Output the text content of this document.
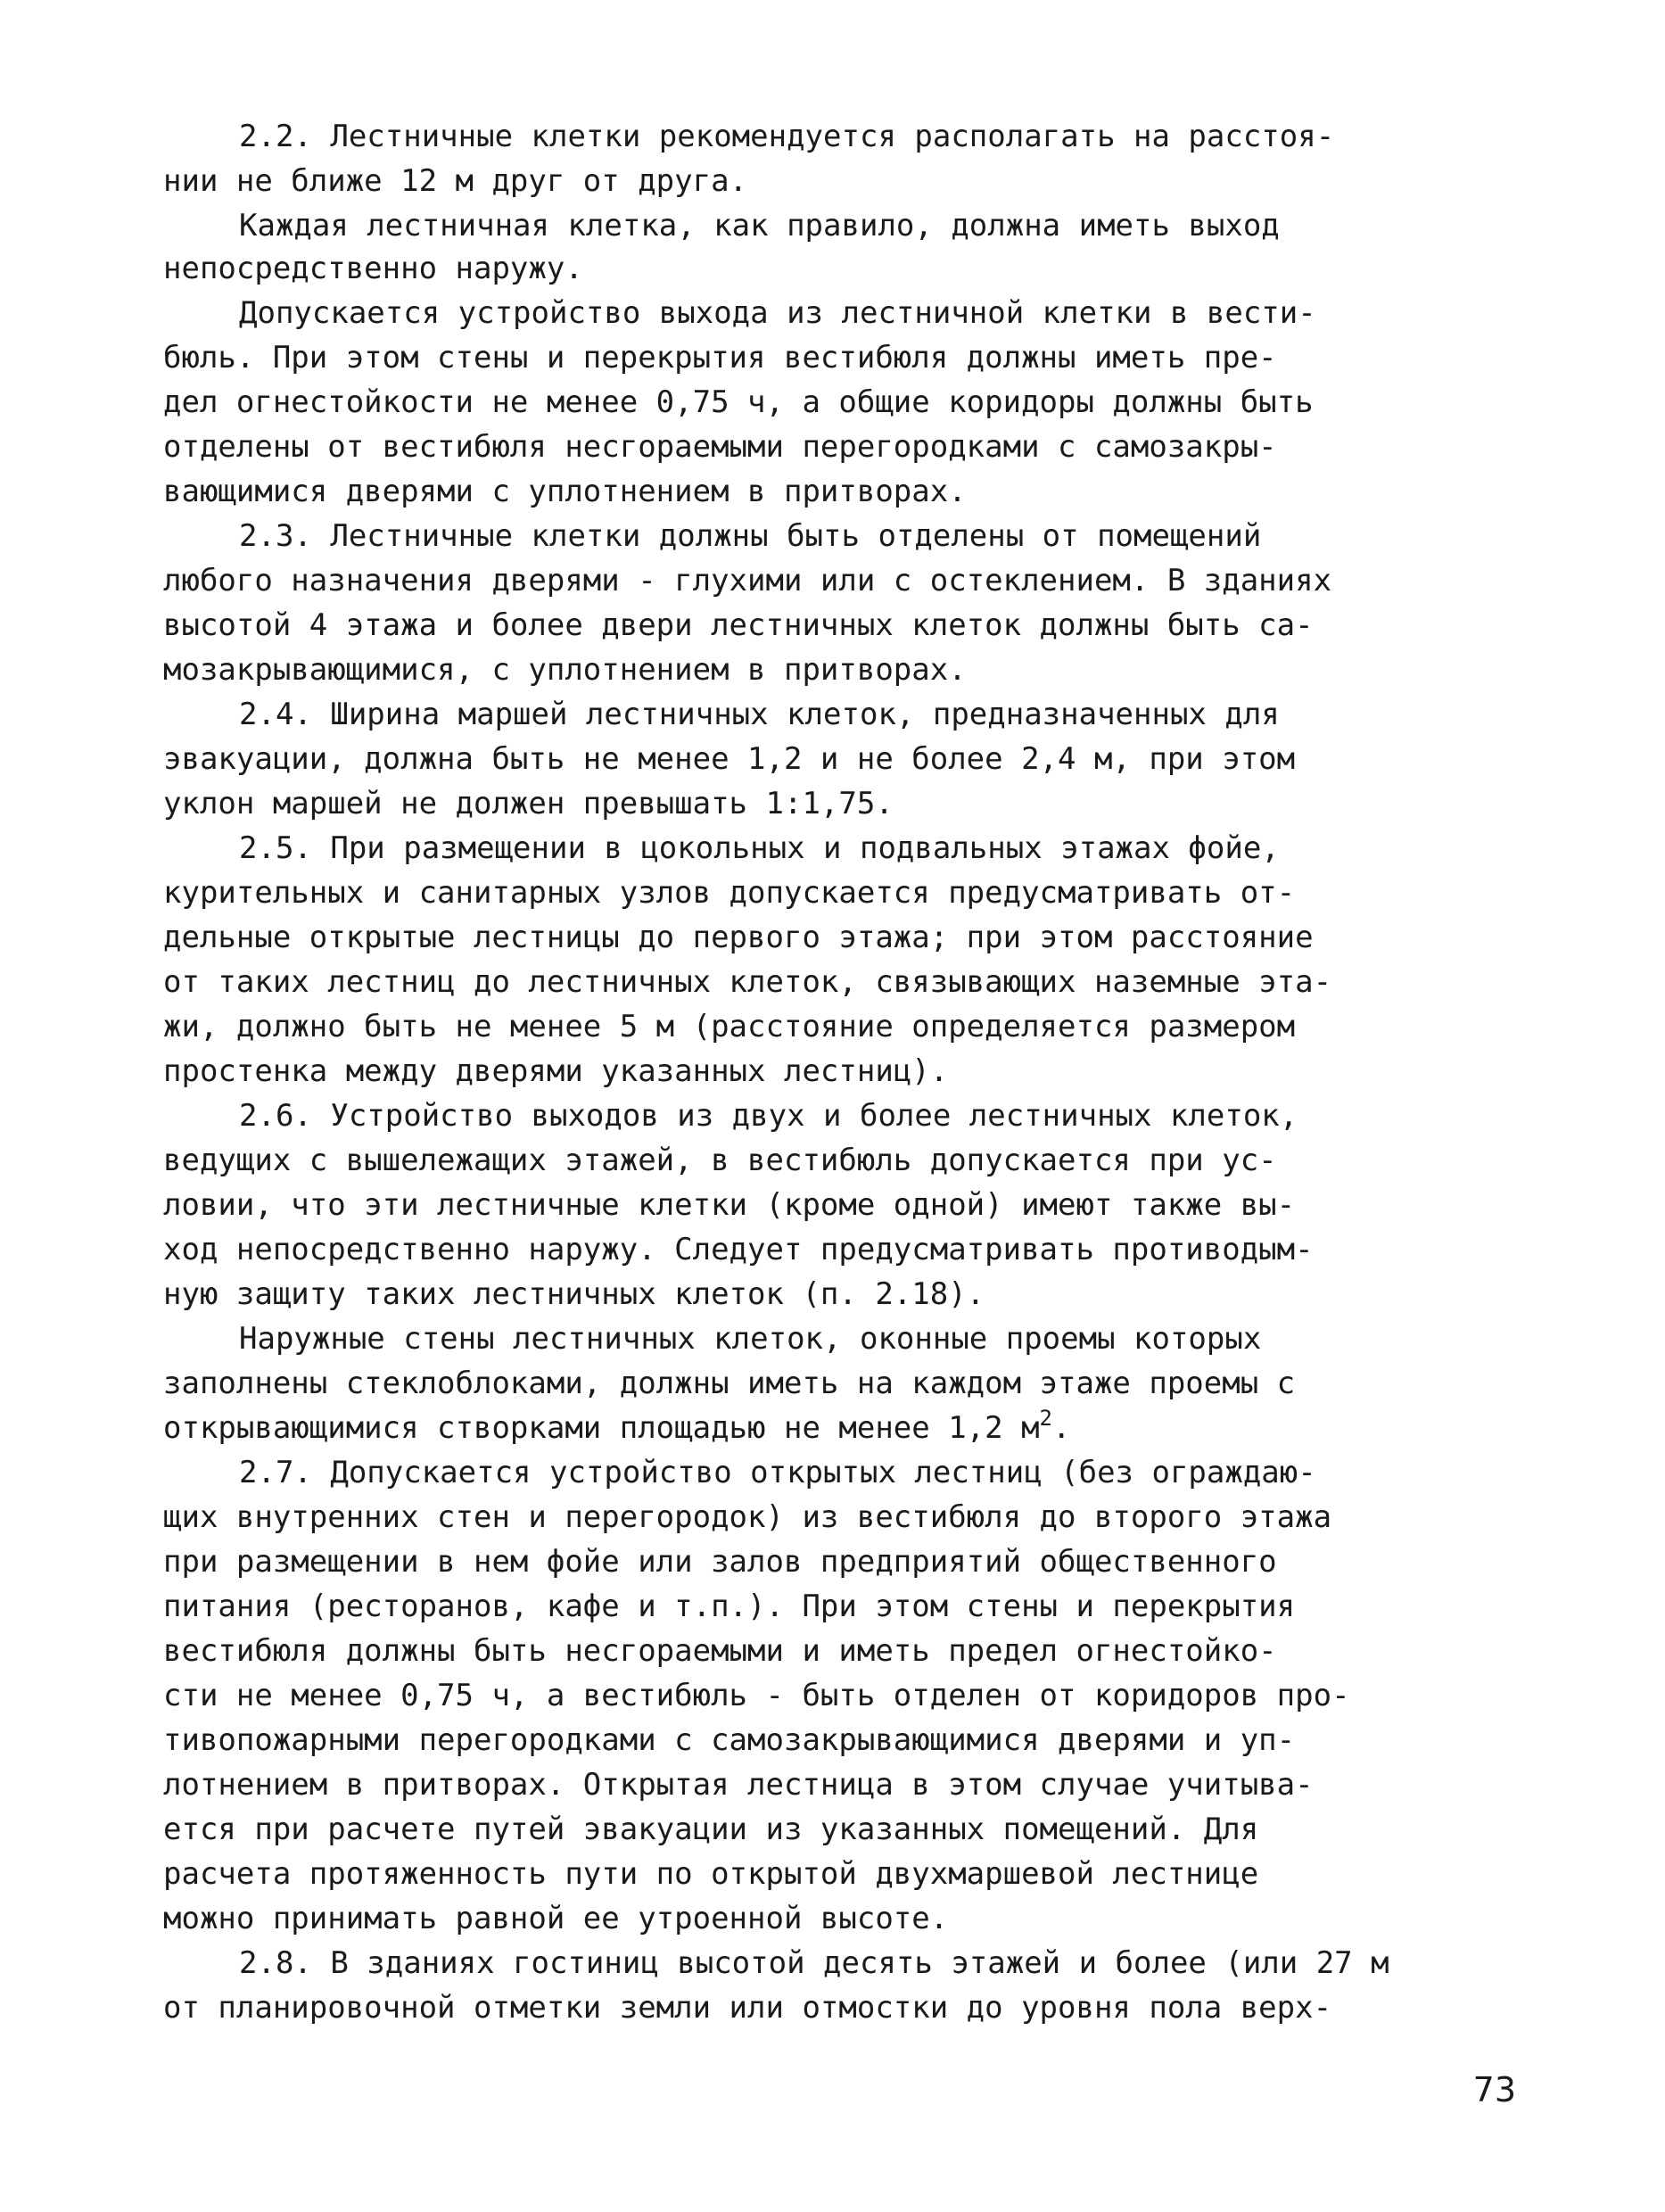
2.2. Лестничные клетки рекомендуется располагать на расстоя-
нии не ближе 12 м друг от друга.
Каждая лестничная клетка, как правило, должна иметь выход
непосредственно наружу.
Допускается устройство выхода из лестничной клетки в вести-
бюль. При этом стены и перекрытия вестибюля должны иметь пре-
дел огнестойкости не менее 0,75 ч, а общие коридоры должны быть
отделены от вестибюля несгораемыми перегородками с самозакры-
вающимися дверями с уплотнением в притворах.
2.3. Лестничные клетки должны быть отделены от помещений
любого назначения дверями - глухими или с остеклением. В зданиях
высотой 4 этажа и более двери лестничных клеток должны быть са-
мозакрывающимися, с уплотнением в притворах.
2.4. Ширина маршей лестничных клеток, предназначенных для
эвакуации, должна быть не менее 1,2 и не более 2,4 м, при этом
уклон маршей не должен превышать 1:1,75.
2.5. При размещении в цокольных и подвальных этажах фойе,
курительных и санитарных узлов допускается предусматривать от-
дельные открытые лестницы до первого этажа; при этом расстояние
от таких лестниц до лестничных клеток, связывающих наземные эта-
жи, должно быть не менее 5 м (расстояние определяется размером
простенка между дверями указанных лестниц).
2.6. Устройство выходов из двух и более лестничных клеток,
ведущих с вышележащих этажей, в вестибюль допускается при ус-
ловии, что эти лестничные клетки (кроме одной) имеют также вы-
ход непосредственно наружу. Следует предусматривать противодым-
ную защиту таких лестничных клеток (п. 2.18).
Наружные стены лестничных клеток, оконные проемы которых
заполнены стеклоблоками, должны иметь на каждом этаже проемы с
открывающимися створками площадью не менее 1,2 $м^2$.
2.7. Допускается устройство открытых лестниц (без ограждаю-
щих внутренних стен и перегородок) из вестибюля до второго этажа
при размещении в нем фойе или залов предприятий общественного
питания (ресторанов, кафе и т.п.). При этом стены и перекрытия
вестибюля должны быть несгораемыми и иметь предел огнестойко-
сти не менее 0,75 ч, а вестибюль - быть отделен от коридоров про-
тивопожарными перегородками с самозакрывающимися дверями и уп-
лотнением в притворах. Открытая лестница в этом случае учитыва-
ется при расчете путей эвакуации из указанных помещений. Для
расчета протяженность пути по открытой двухмаршевой лестнице
можно принимать равной ее утроенной высоте.
2.8. В зданиях гостиниц высотой десять этажей и более (или 27 м
от планировочной отметки земли или отмостки до уровня пола верх-
73
